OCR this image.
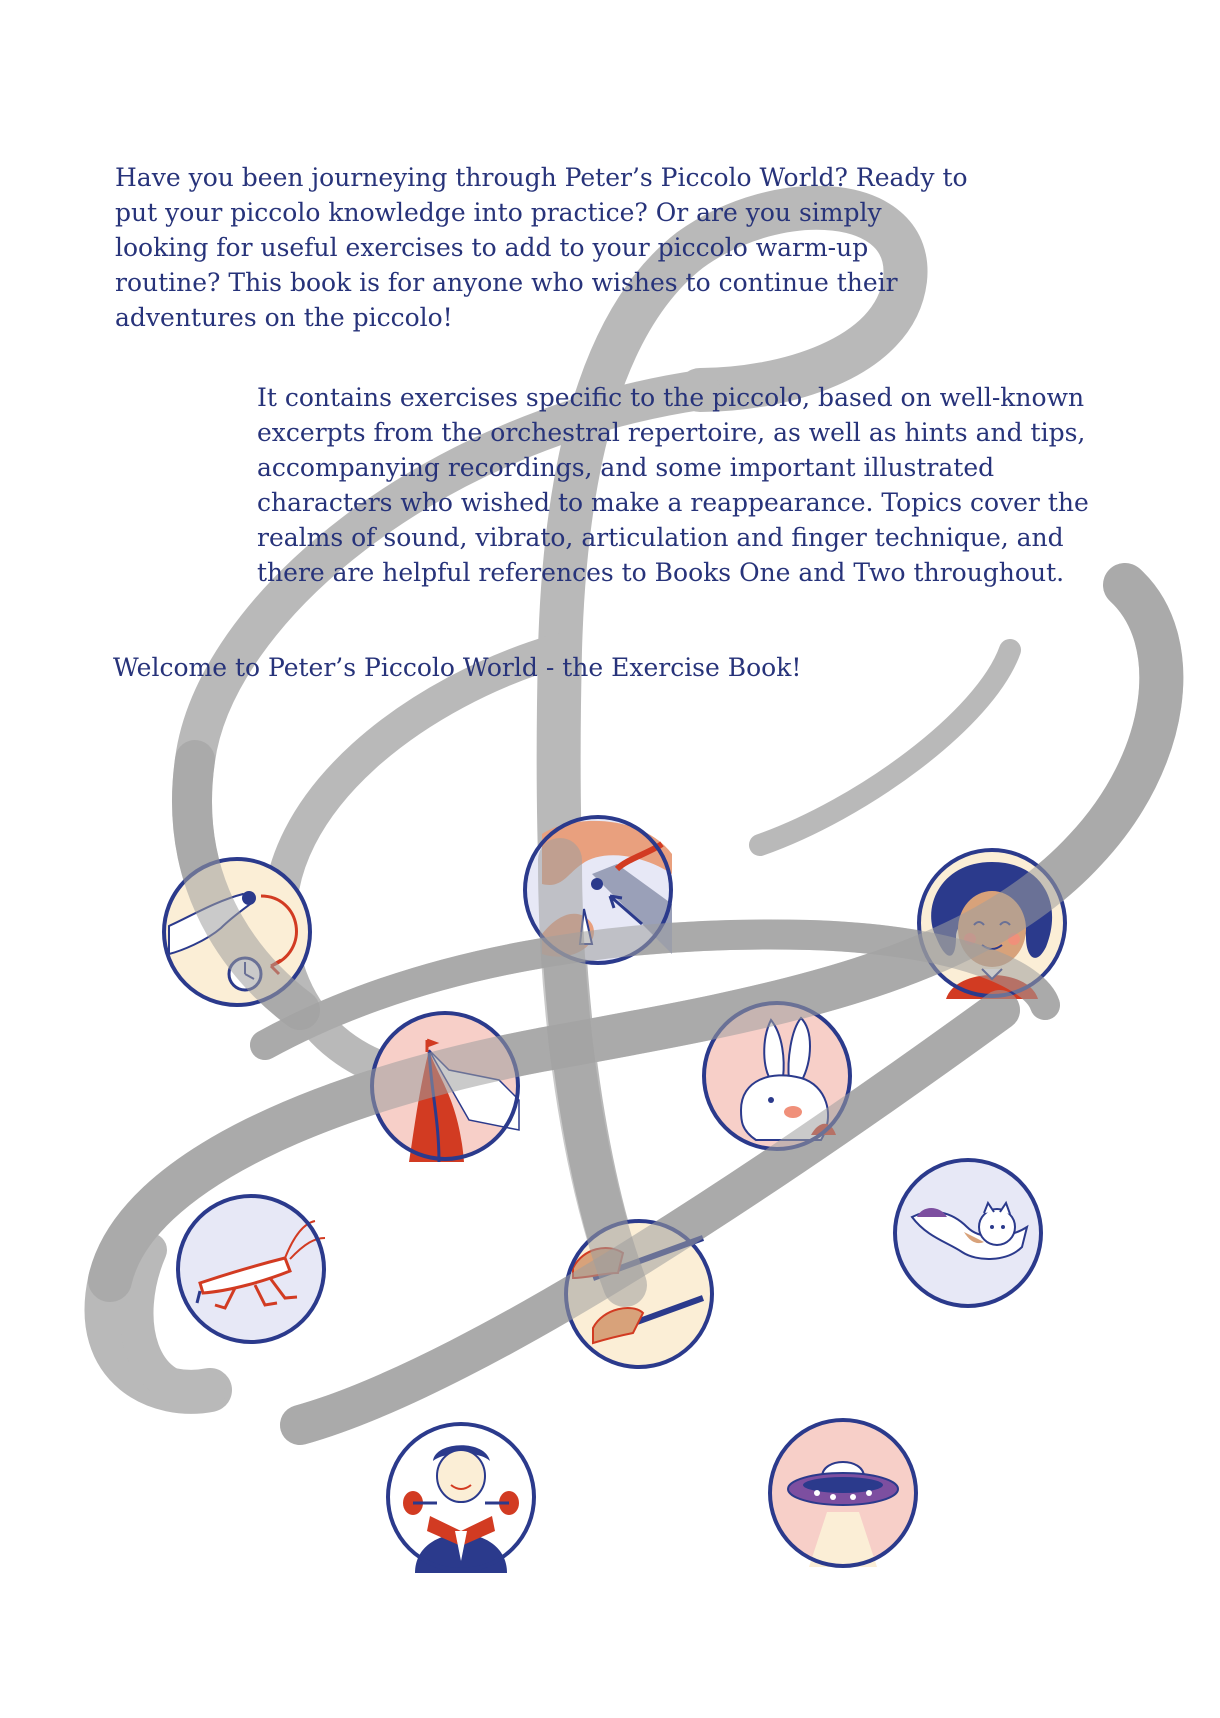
Have you been journeying through Peter’s Piccolo World? Ready to put your piccolo knowledge into practice? Or are you simply looking for useful exercises to add to your piccolo warm-up routine? This book is for anyone who wishes to continue their adventures on the piccolo!

It contains exercises specific to the piccolo, based on well-known excerpts from the orchestral repertoire, as well as hints and tips, accompanying recordings, and some important illustrated characters who wished to make a reappearance. Topics cover the realms of sound, vibrato, articulation and finger technique, and there are helpful references to Books One and Two throughout.

Welcome to Peter’s Piccolo World - the Exercise Book!
